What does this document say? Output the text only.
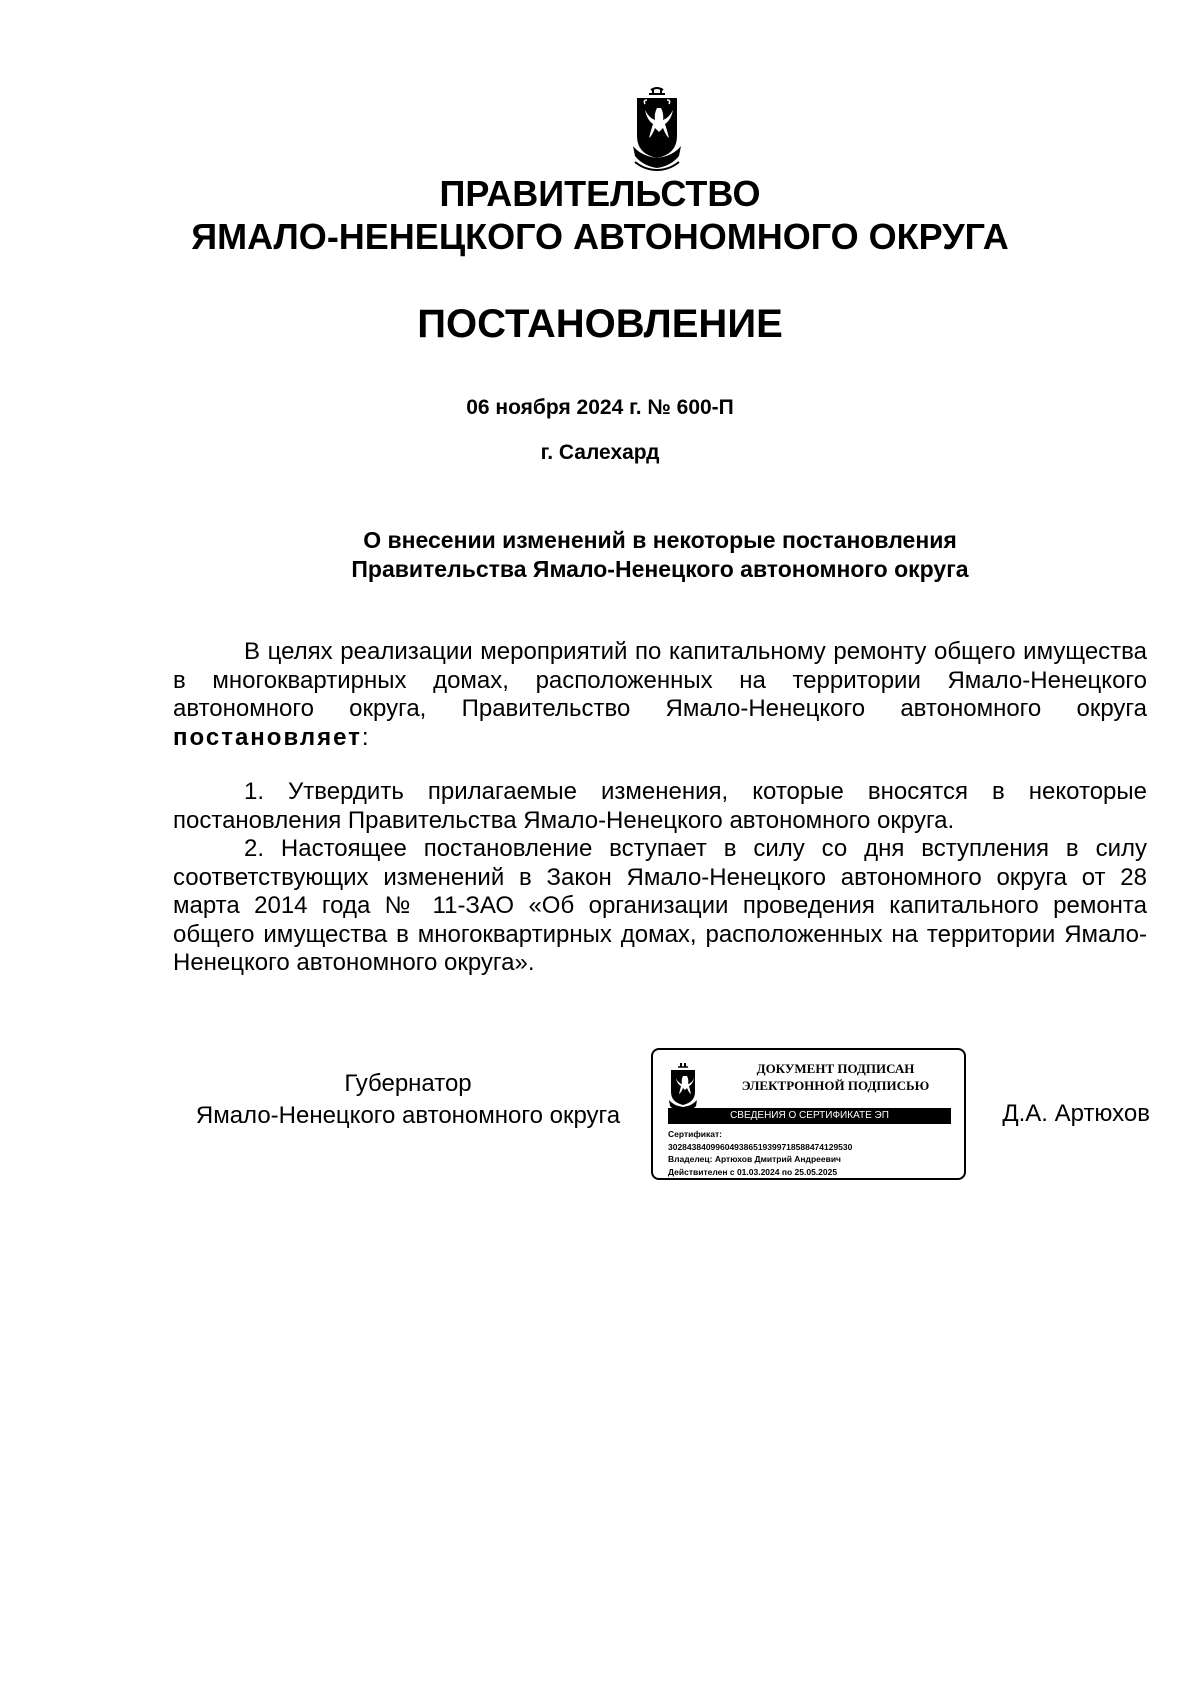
ПРАВИТЕЛЬСТВО
ЯМАЛО-НЕНЕЦКОГО АВТОНОМНОГО ОКРУГА
ПОСТАНОВЛЕНИЕ
06 ноября 2024 г. № 600-П
г. Салехард
О внесении изменений в некоторые постановления
Правительства Ямало-Ненецкого автономного округа

В целях реализации мероприятий по капитальному ремонту общего имущества в многоквартирных домах, расположенных на территории Ямало-Ненецкого автономного округа, Правительство Ямало-Ненецкого автономного округа постановляет:

1. Утвердить прилагаемые изменения, которые вносятся в некоторые постановления Правительства Ямало-Ненецкого автономного округа.

2. Настоящее постановление вступает в силу со дня вступления в силу соответствующих изменений в Закон Ямало-Ненецкого автономного округа от 28 марта 2014 года № 11-ЗАО «Об организации проведения капитального ремонта общего имущества в многоквартирных домах, расположенных на территории Ямало-Ненецкого автономного округа».

Губернатор
Ямало-Ненецкого автономного округа
ДОКУМЕНТ ПОДПИСАН
ЭЛЕКТРОННОЙ ПОДПИСЬЮ
СВЕДЕНИЯ О СЕРТИФИКАТЕ ЭП
Сертификат:
302843840996049386519399718588474129530
Владелец: Артюхов Дмитрий Андреевич
Действителен с 01.03.2024 по 25.05.2025
Д.А. Артюхов
